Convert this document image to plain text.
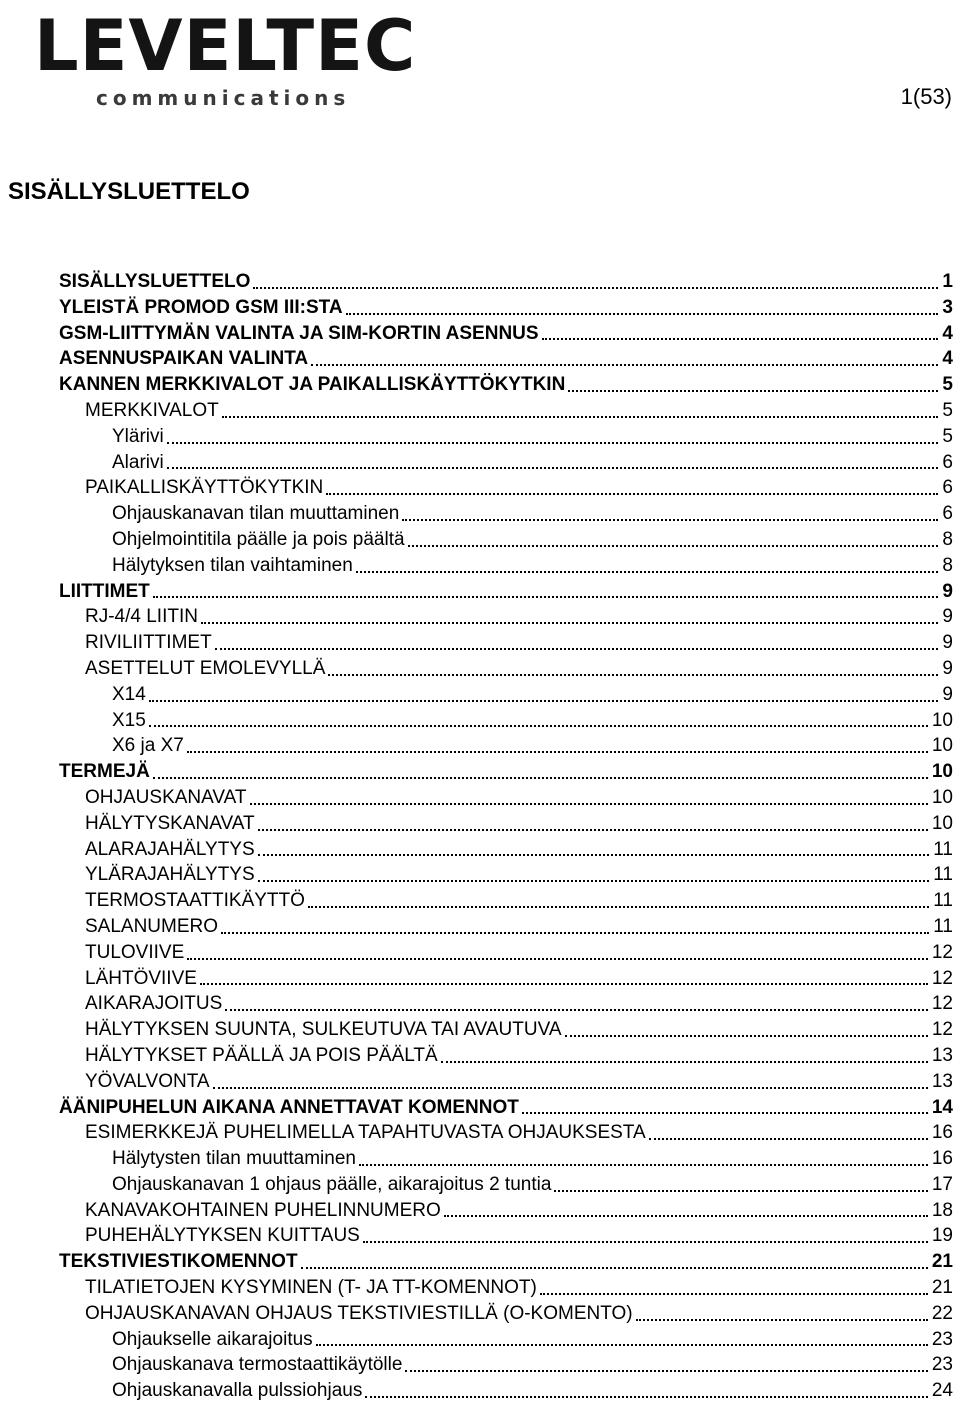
LEVELTEC
communications	1(53)
SISÄLLYSLUETTELO
SISÄLLYSLUETTELO	1
YLEISTÄ PROMOD GSM III:STA	3
GSM-LIITTYMÄN VALINTA JA SIM-KORTIN ASENNUS	4
ASENNUSPAIKAN VALINTA	4
KANNEN MERKKIVALOT JA PAIKALLISKÄYTTÖKYTKIN	5
MERKKIVALOT	5
Ylärivi	5
Alarivi	6
PAIKALLISKÄYTTÖKYTKIN	6
Ohjauskanavan tilan muuttaminen	6
Ohjelmointitila päälle ja pois päältä	8
Hälytyksen tilan vaihtaminen	8
LIITTIMET	9
RJ-4/4 LIITIN	9
RIVILIITTIMET	9
ASETTELUT EMOLEVYLLÄ	9
X14	9
X15	10
X6 ja X7	10
TERMEJÄ	10
OHJAUSKANAVAT	10
HÄLYTYSKANAVAT	10
ALARAJAHÄLYTYS	11
YLÄRAJAHÄLYTYS	11
TERMOSTAATTIKÄYTTÖ	11
SALANUMERO	11
TULOVIIVE	12
LÄHTÖVIIVE	12
AIKARAJOITUS	12
HÄLYTYKSEN SUUNTA, SULKEUTUVA TAI AVAUTUVA	12
HÄLYTYKSET PÄÄLLÄ JA POIS PÄÄLTÄ	13
YÖVALVONTA	13
ÄÄNIPUHELUN AIKANA ANNETTAVAT KOMENNOT	14
ESIMERKKEJÄ PUHELIMELLA TAPAHTUVASTA OHJAUKSESTA	16
Hälytysten tilan muuttaminen	16
Ohjauskanavan 1 ohjaus päälle, aikarajoitus 2 tuntia	17
KANAVAKOHTAINEN PUHELINNUMERO	18
PUHEHÄLYTYKSEN KUITTAUS	19
TEKSTIVIESTIKOMENNOT	21
TILATIETOJEN KYSYMINEN (T- JA TT-KOMENNOT)	21
OHJAUSKANAVAN OHJAUS TEKSTIVIESTILLÄ (O-KOMENTO)	22
Ohjaukselle aikarajoitus	23
Ohjauskanava termostaattikäytölle	23
Ohjauskanavalla pulssiohjaus	24
